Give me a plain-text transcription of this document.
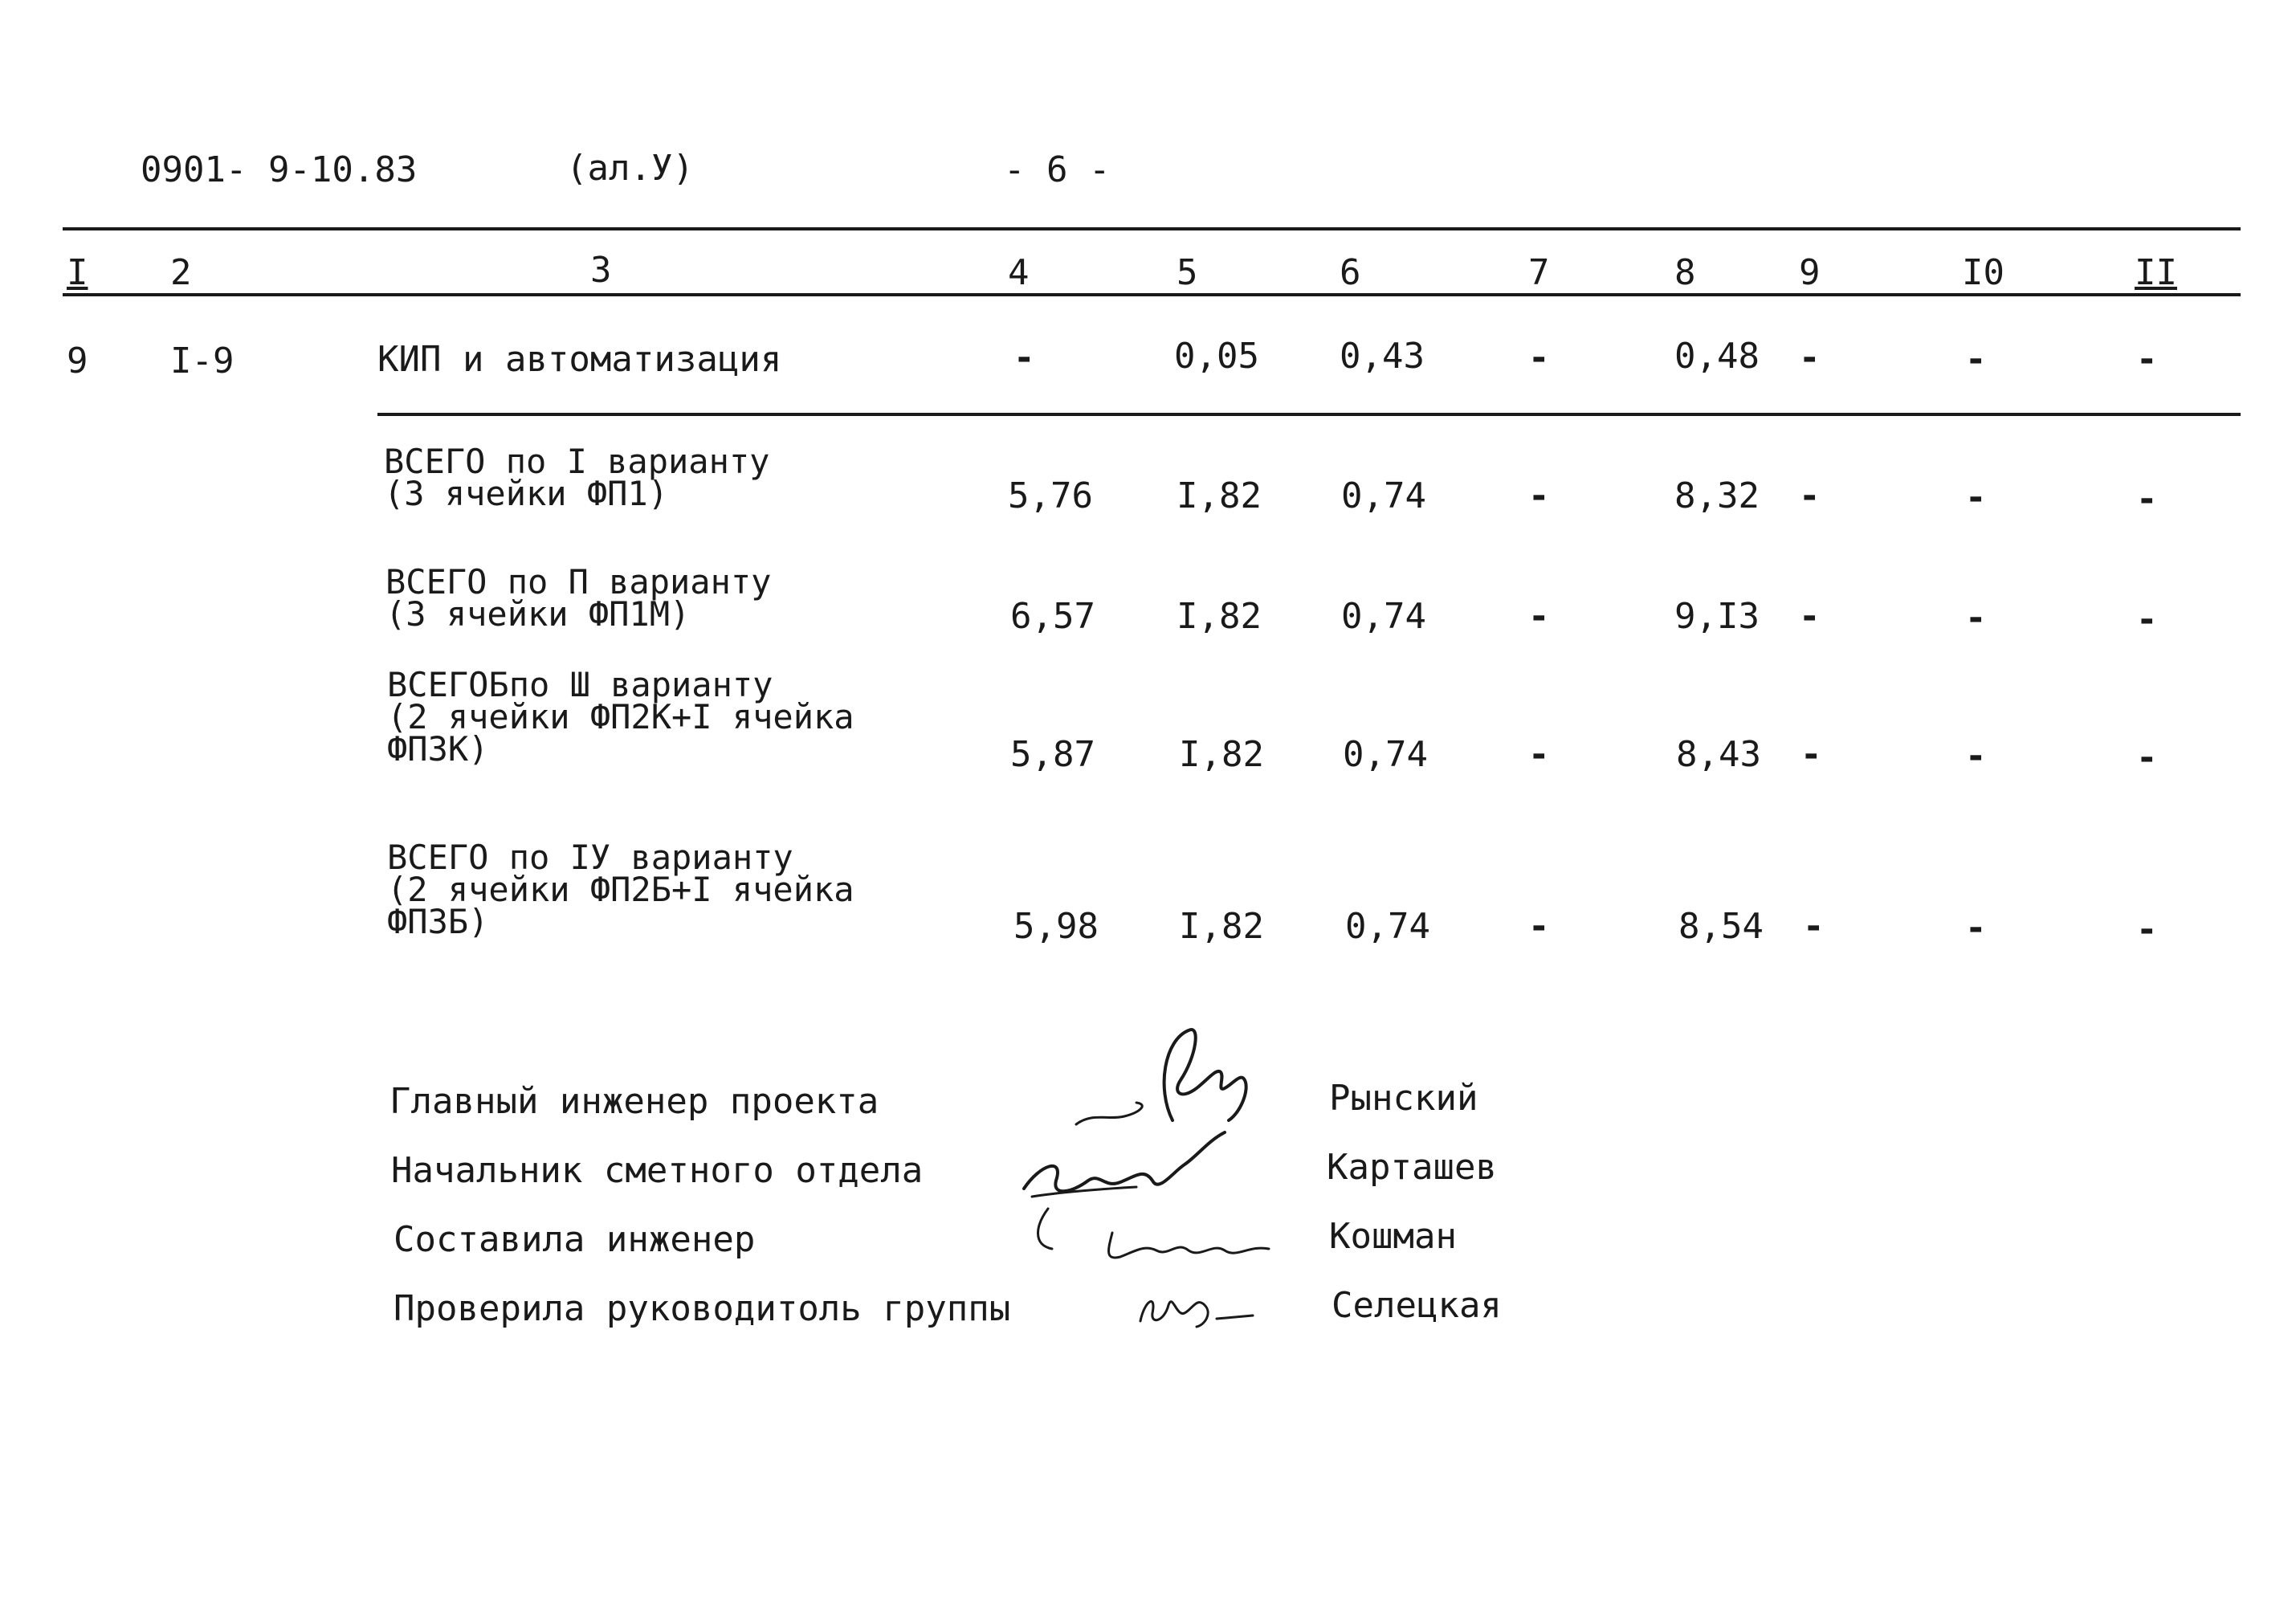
0901- 9-10.83	(ал.У)	- 6 -
I 2	3	4	5	6	7	8	9	I0	II
9 I-9	КИП и автоматизация	-	0,05 0,43	-	0,48 -	-	-
ВСЕГО по I варианту
(3 ячейки ФП1)	5,76 I,82 0,74	-	8,32 -	-	-
ВСЕГО по П варианту
(3 ячейки ФП1М)	6,57 I,82 0,74	-	9,I3 -	-	-
ВСЕГОБпо Ш варианту
(2 ячейки ФП2К+I ячейка
ФП3К)	5,87 I,82 0,74	-	8,43 -	-	-
ВСЕГО по IУ варианту
(2 ячейки ФП2Б+I ячейка
ФП3Б)	5,98 I,82 0,74	-	8,54 -	-	-
Главный инженер проекта	Рынский
Начальник сметного отдела	Карташев
Составила инженер	Кошман
Проверила руководитоль группы	Селецкая
